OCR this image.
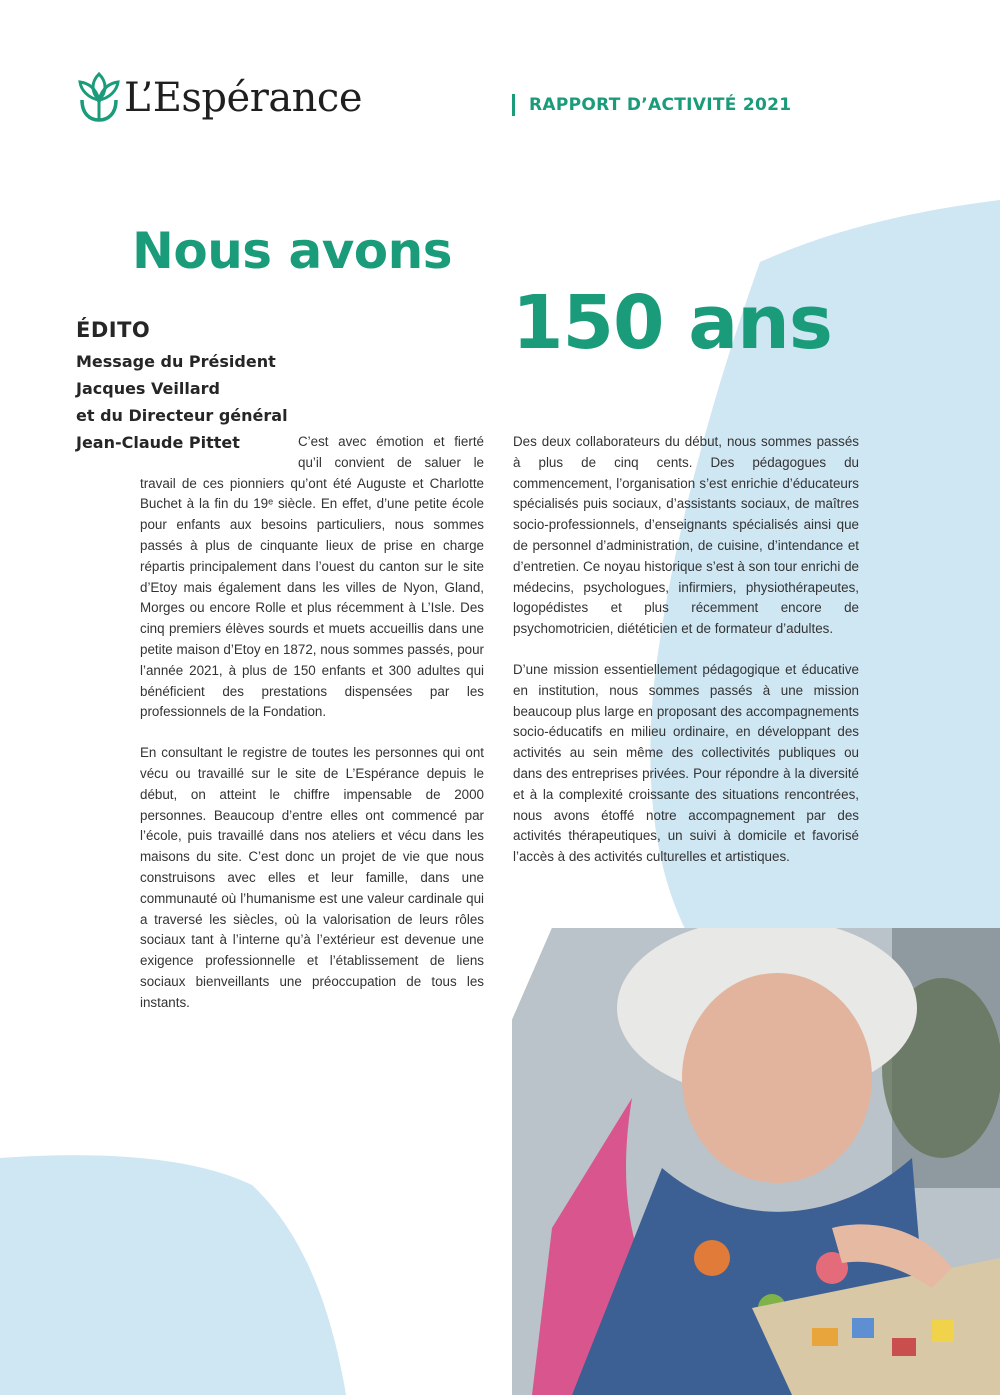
L’Espérance	RAPPORT D’ACTIVITÉ 2021
Nous avons
150 ans
ÉDITO
Message du Président
Jacques Veillard
et du Directeur général
Jean-Claude Pittet	C’est avec émotion et fierté qu’il convient de saluer le travail de ces pionniers qu’ont été Auguste et Charlotte Buchet à la fin du 19ᵉ siècle. En effet, d’une petite école pour enfants aux besoins particuliers, nous sommes passés à plus de cinquante lieux de prise en charge répartis principalement dans l’ouest du canton sur le site d’Etoy mais également dans les villes de Nyon, Gland, Morges ou encore Rolle et plus récemment à L’Isle. Des cinq premiers élèves sourds et muets accueillis dans une petite maison d’Etoy en 1872, nous sommes passés, pour l’année 2021, à plus de 150 enfants et 300 adultes qui bénéficient des prestations dispensées par les professionnels de la Fondation.

En consultant le registre de toutes les personnes qui ont vécu ou travaillé sur le site de L’Espérance depuis le début, on atteint le chiffre impensable de 2000 personnes. Beaucoup d’entre elles ont commencé par l’école, puis travaillé dans nos ateliers et vécu dans les maisons du site. C’est donc un projet de vie que nous construisons avec elles et leur famille, dans une communauté où l’humanisme est une valeur cardinale qui a traversé les siècles, où la valorisation de leurs rôles sociaux tant à l’interne qu’à l’extérieur est devenue une exigence professionnelle et l’établissement de liens sociaux bienveillants une préoccupation de tous les instants.

Des deux collaborateurs du début, nous sommes passés à plus de cinq cents. Des pédagogues du commencement, l’organisation s’est enrichie d’éducateurs spécialisés puis sociaux, d’assistants sociaux, de maîtres socio-professionnels, d’enseignants spécialisés ainsi que de personnel d’administration, de cuisine, d’intendance et d’entretien. Ce noyau historique s’est à son tour enrichi de médecins, psychologues, infirmiers, physiothérapeutes, logopédistes et plus récemment encore de psychomotricien, diététicien et de formateur d’adultes.

D’une mission essentiellement pédagogique et éducative en institution, nous sommes passés à une mission beaucoup plus large en proposant des accompagnements socio-éducatifs en milieu ordinaire, en développant des activités au sein même des collectivités publiques ou dans des entreprises privées. Pour répondre à la diversité et à la complexité croissante des situations rencontrées, nous avons étoffé notre accompagnement par des activités thérapeutiques, un suivi à domicile et favorisé l’accès à des activités culturelles et artistiques.
